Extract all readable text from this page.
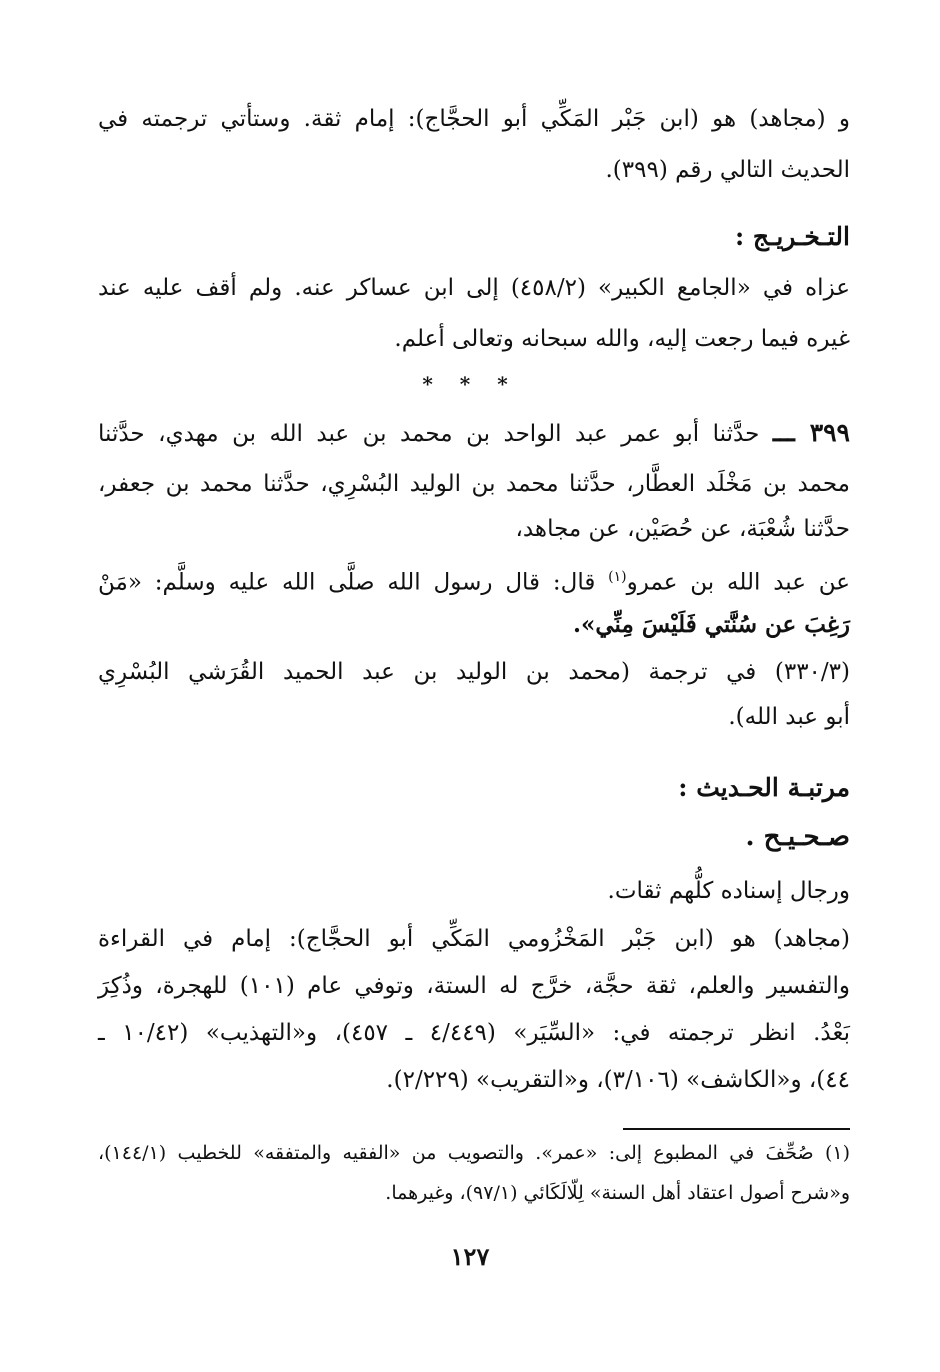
و (مجاهد) هو (ابن جَبْر المَكِّي أبو الحجَّاج): إمام ثقة. وستأتي ترجمته في
الحديث التالي رقم (٣٩٩).
التـخـريـج :
عزاه في «الجامع الكبير» (٤٥٨/٢) إلى ابن عساكر عنه. ولم أقف عليه عند
غيره فيما رجعت إليه، والله سبحانه وتعالى أعلم.
* * *
٣٩٩ ـــ حدَّثنا أبو عمر عبد الواحد بن محمد بن عبد الله بن مهدي، حدَّثنا
محمد بن مَخْلَد العطَّار، حدَّثنا محمد بن الوليد البُسْرِي، حدَّثنا محمد بن جعفر،
حدَّثنا شُعْبَة، عن حُصَيْن، عن مجاهد،
عن عبد الله بن عمرو$^{(١)}$ قال: قال رسول الله صلَّى الله عليه وسلَّم: «مَنْ
رَغِبَ عن سُنَّتي فَلَيْسَ مِنِّي».
(٣٣٠/٣) في ترجمة (محمد بن الوليد بن عبد الحميد القُرَشي البُسْرِي
أبو عبد الله).
مرتبـة الحـديث :
صـحـيـح .
ورجال إسناده كلُّهم ثقات.
(مجاهد) هو (ابن جَبْر المَخْزُومي المَكِّي أبو الحجَّاج): إمام في القراءة
والتفسير والعلم، ثقة حجَّة، خرَّج له الستة، وتوفي عام (١٠١) للهجرة، وذُكِرَ
بَعْدُ. انظر ترجمته في: «السِّيَر» (٤/٤٤٩ ـ ٤٥٧)، و«التهذيب» (١٠/٤٢ ـ
٤٤)، و«الكاشف» (٣/١٠٦)، و«التقريب» (٢/٢٢٩).
(١) صُحِّفَ في المطبوع إلى: «عمر». والتصويب من «الفقيه والمتفقه» للخطيب (١٤٤/١)،
و«شرح أصول اعتقاد أهل السنة» لِلّالَكَائي (٩٧/١)، وغيرهما.
١٢٧
